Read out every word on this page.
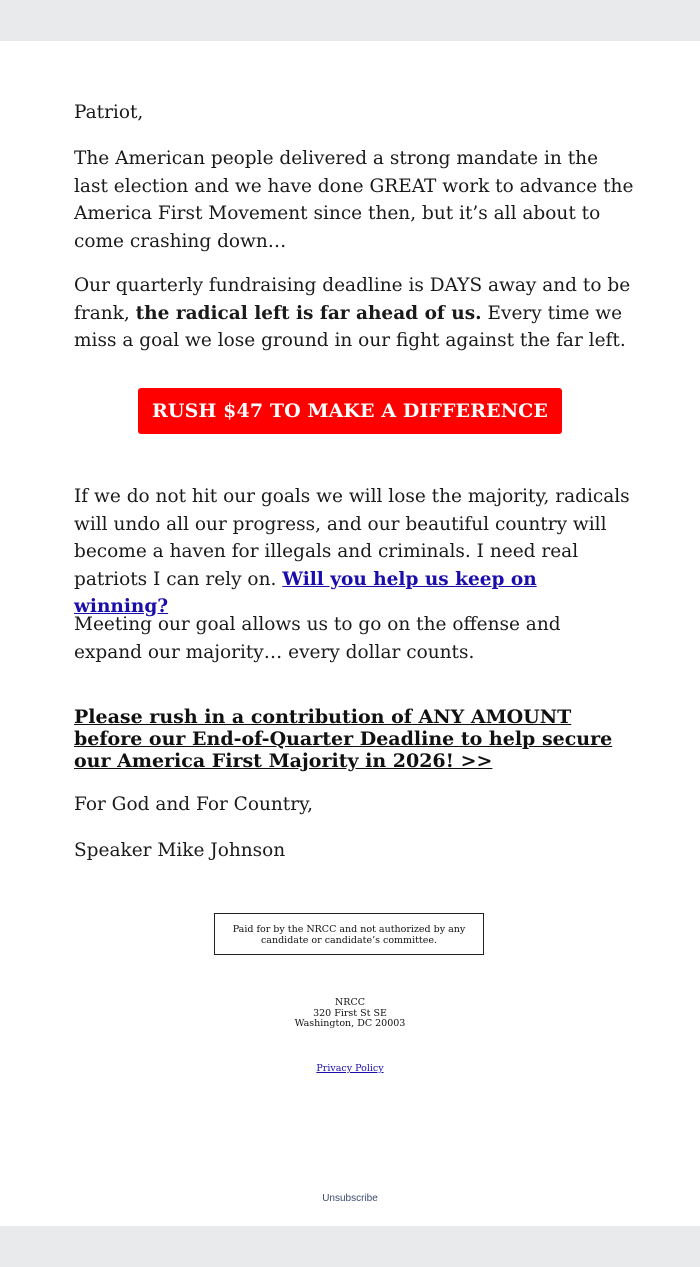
Patriot,

The American people delivered a strong mandate in the last election and we have done GREAT work to advance the America First Movement since then, but it’s all about to come crashing down…

Our quarterly fundraising deadline is DAYS away and to be frank, the radical left is far ahead of us. Every time we miss a goal we lose ground in our fight against the far left.

RUSH $47 TO MAKE A DIFFERENCE

If we do not hit our goals we will lose the majority, radicals will undo all our progress, and our beautiful country will become a haven for illegals and criminals. I need real patriots I can rely on. Will you help us keep on winning?

Meeting our goal allows us to go on the offense and expand our majority… every dollar counts.

Please rush in a contribution of ANY AMOUNT before our End-of-Quarter Deadline to help secure our America First Majority in 2026! >>

For God and For Country,

Speaker Mike Johnson

Paid for by the NRCC and not authorized by any candidate or candidate’s committee.
NRCC
320 First St SE
Washington, DC 20003
Privacy Policy
Unsubscribe
